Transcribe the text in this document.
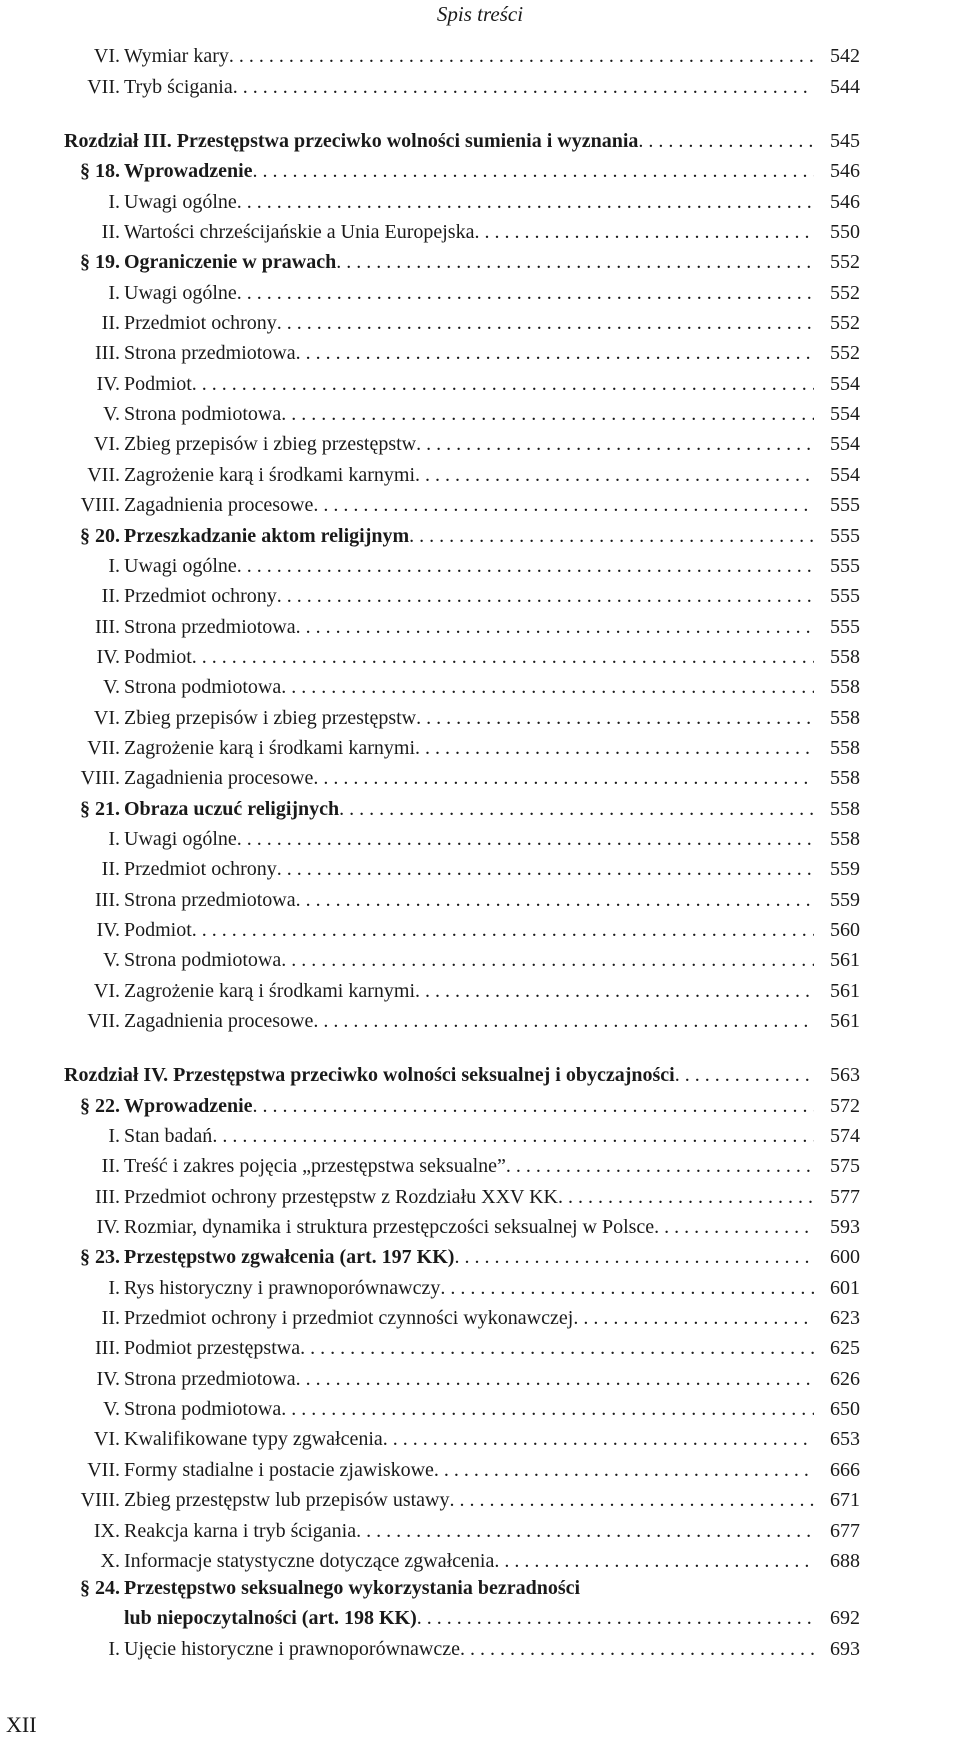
Spis treści
VI. Wymiar kary . . .	542
VII. Tryb ścigania . . .	544
Rozdział III. Przestępstwa przeciwko wolności sumienia i wyznania . . .	545
§ 18. Wprowadzenie . . .	546
I. Uwagi ogólne . . .	546
II. Wartości chrześcijańskie a Unia Europejska . . .	550
§ 19. Ograniczenie w prawach . . .	552
I. Uwagi ogólne . . .	552
II. Przedmiot ochrony . . .	552
III. Strona przedmiotowa . . .	552
IV. Podmiot . . .	554
V. Strona podmiotowa . . .	554
VI. Zbieg przepisów i zbieg przestępstw . . .	554
VII. Zagrożenie karą i środkami karnymi . . .	554
VIII. Zagadnienia procesowe . . .	555
§ 20. Przeszkadzanie aktom religijnym . . .	555
I. Uwagi ogólne . . .	555
II. Przedmiot ochrony . . .	555
III. Strona przedmiotowa . . .	555
IV. Podmiot . . .	558
V. Strona podmiotowa . . .	558
VI. Zbieg przepisów i zbieg przestępstw . . .	558
VII. Zagrożenie karą i środkami karnymi . . .	558
VIII. Zagadnienia procesowe . . .	558
§ 21. Obraza uczuć religijnych . . .	558
I. Uwagi ogólne . . .	558
II. Przedmiot ochrony . . .	559
III. Strona przedmiotowa . . .	559
IV. Podmiot . . .	560
V. Strona podmiotowa . . .	561
VI. Zagrożenie karą i środkami karnymi . . .	561
VII. Zagadnienia procesowe . . .	561
Rozdział IV. Przestępstwa przeciwko wolności seksualnej i obyczajności . . .	563
§ 22. Wprowadzenie . . .	572
I. Stan badań . . .	574
II. Treść i zakres pojęcia „przestępstwa seksualne” . . .	575
III. Przedmiot ochrony przestępstw z Rozdziału XXV KK . . .	577
IV. Rozmiar, dynamika i struktura przestępczości seksualnej w Polsce . . .	593
§ 23. Przestępstwo zgwałcenia (art. 197 KK) . . .	600
I. Rys historyczny i prawnoporównawczy . . .	601
II. Przedmiot ochrony i przedmiot czynności wykonawczej . . .	623
III. Podmiot przestępstwa . . .	625
IV. Strona przedmiotowa . . .	626
V. Strona podmiotowa . . .	650
VI. Kwalifikowane typy zgwałcenia . . .	653
VII. Formy stadialne i postacie zjawiskowe . . .	666
VIII. Zbieg przestępstw lub przepisów ustawy . . .	671
IX. Reakcja karna i tryb ścigania . . .	677
X. Informacje statystyczne dotyczące zgwałcenia . . .	688
§ 24. Przestępstwo seksualnego wykorzystania bezradności
lub niepoczytalności (art. 198 KK) . . .	692
I. Ujęcie historyczne i prawnoporównawcze . . .	693
XII
